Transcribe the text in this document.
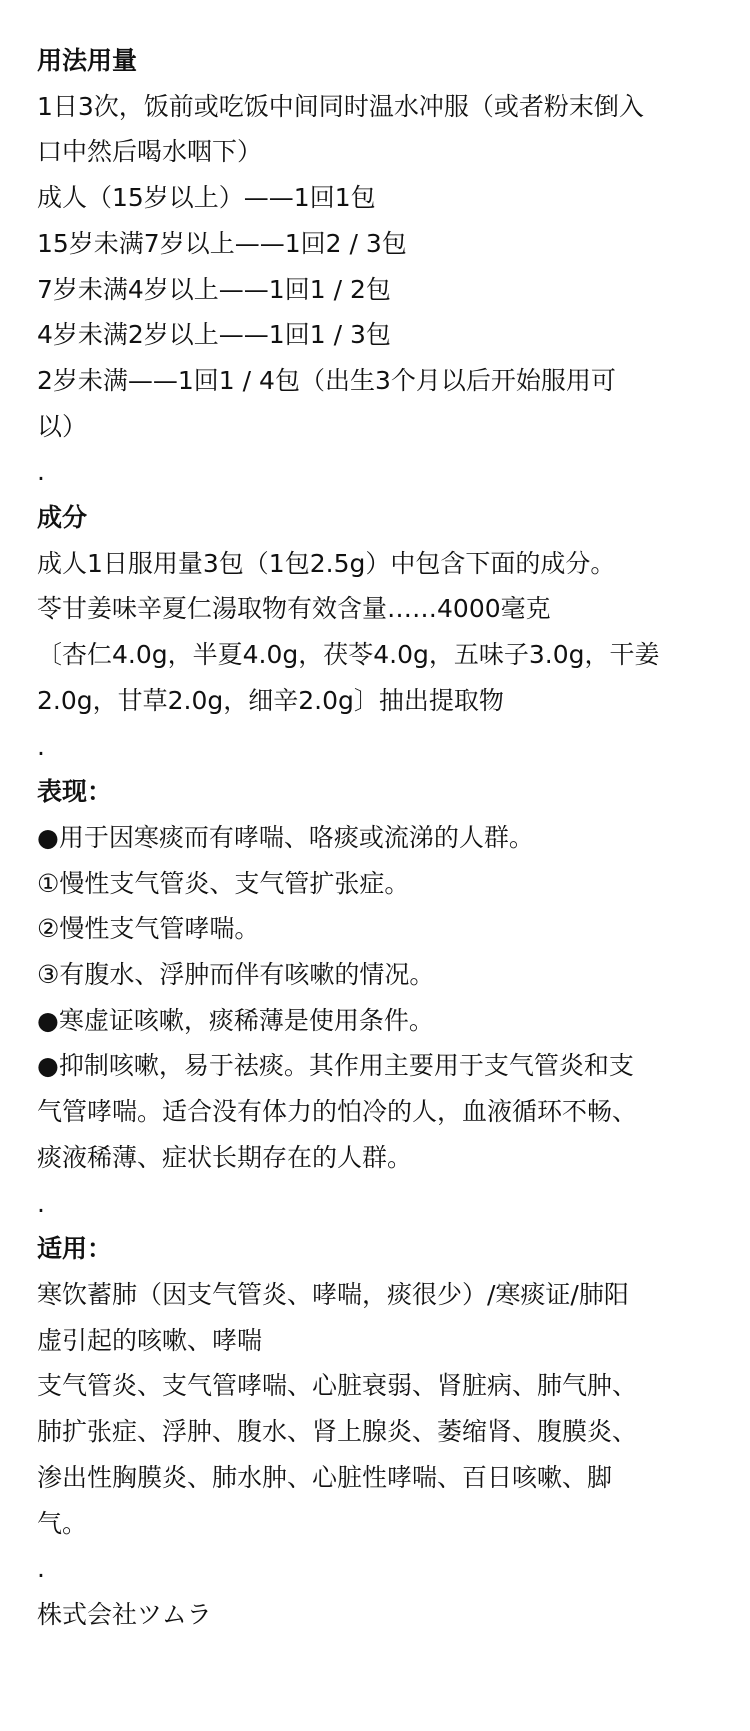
用法用量

1日3次，饭前或吃饭中间同时温水冲服（或者粉末倒入

口中然后喝水咽下）

成人（15岁以上）——1回1包

15岁未满7岁以上——1回2 / 3包

7岁未满4岁以上——1回1 / 2包

4岁未满2岁以上——1回1 / 3包

2岁未满——1回1 / 4包（出生3个月以后开始服用可

以）

.

成分

成人1日服用量3包（1包2.5g）中包含下面的成分。

苓甘姜味辛夏仁湯取物有效含量……4000毫克

〔杏仁4.0g，半夏4.0g，茯苓4.0g，五味子3.0g，干姜

2.0g，甘草2.0g，细辛2.0g〕抽出提取物

.

表现：

●用于因寒痰而有哮喘、咯痰或流涕的人群。

①慢性支气管炎、支气管扩张症。

②慢性支气管哮喘。

③有腹水、浮肿而伴有咳嗽的情况。

●寒虚证咳嗽，痰稀薄是使用条件。

●抑制咳嗽，易于祛痰。其作用主要用于支气管炎和支

气管哮喘。适合没有体力的怕冷的人，血液循环不畅、

痰液稀薄、症状长期存在的人群。

.

适用：

寒饮蓄肺（因支气管炎、哮喘，痰很少）/寒痰证/肺阳

虚引起的咳嗽、哮喘

支气管炎、支气管哮喘、心脏衰弱、肾脏病、肺气肿、

肺扩张症、浮肿、腹水、肾上腺炎、萎缩肾、腹膜炎、

渗出性胸膜炎、肺水肿、心脏性哮喘、百日咳嗽、脚

气。

.

株式会社ツムラ
